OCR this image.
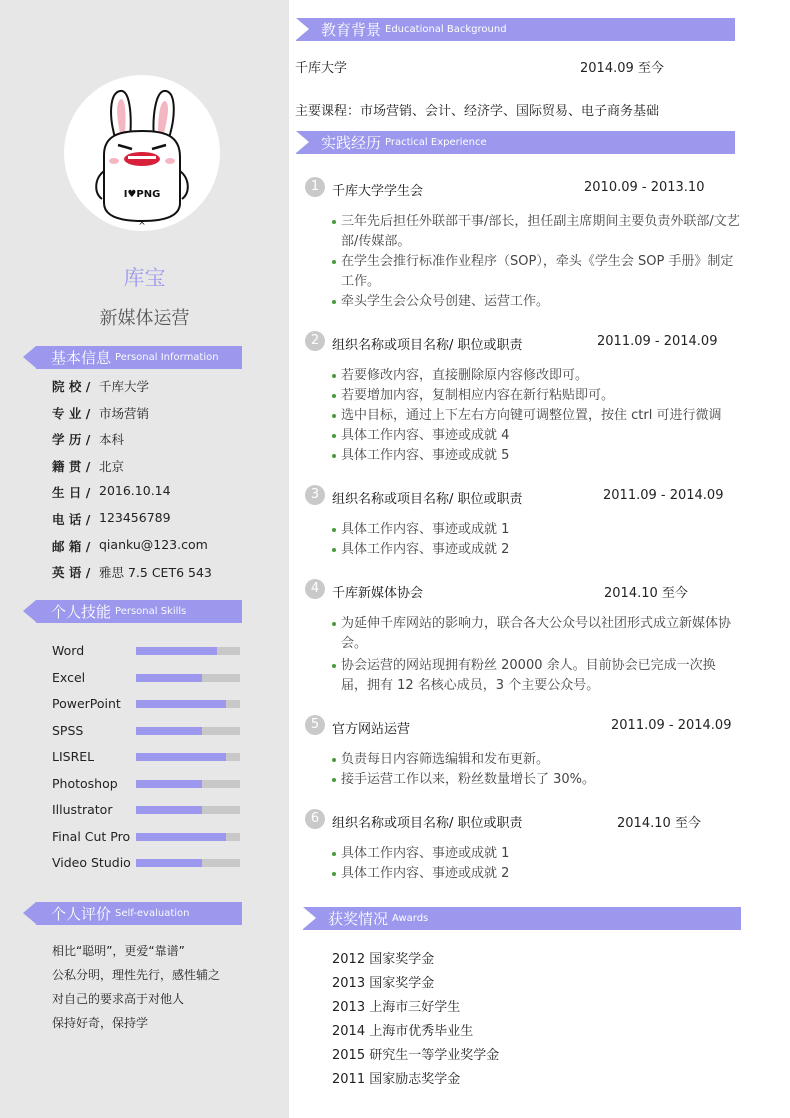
I♥PNG
×
库宝
新媒体运营
基本信息 Personal Information
院 校 / 千库大学
专 业 / 市场营销
学 历 / 本科
籍 贯 / 北京
生 日 / 2016.10.14
电 话 / 123456789
邮 箱 / qianku@123.com
英 语 / 雅思 7.5 CET6 543
个人技能 Personal Skills
Word
Excel
PowerPoint
SPSS
LISREL
Photoshop
Illustrator
Final Cut Pro
Video Studio
个人评价 Self-evaluation
相比“聪明”，更爱“靠谱”
公私分明，理性先行，感性辅之
对自己的要求高于对他人
保持好奇，保持学
教育背景 Educational Background
千库大学	2014.09 至今
主要课程：市场营销、会计、经济学、国际贸易、电子商务基础
实践经历 Practical Experience
1 千库大学学生会	2010.09 - 2013.10
三年先后担任外联部干事/部长，担任副主席期间主要负责外联部/文艺部/传媒部。
在学生会推行标准作业程序（SOP），牵头《学生会 SOP 手册》制定工作。
牵头学生会公众号创建、运营工作。
2 组织名称或项目名称/ 职位或职责	2011.09 - 2014.09
若要修改内容，直接删除原内容修改即可。
若要增加内容，复制相应内容在新行粘贴即可。
选中目标，通过上下左右方向键可调整位置，按住 ctrl 可进行微调
具体工作内容、事迹或成就 4
具体工作内容、事迹或成就 5
3 组织名称或项目名称/ 职位或职责	2011.09 - 2014.09
具体工作内容、事迹或成就 1
具体工作内容、事迹或成就 2
4 千库新媒体协会	2014.10 至今
为延伸千库网站的影响力，联合各大公众号以社团形式成立新媒体协会。
协会运营的网站现拥有粉丝 20000 余人。目前协会已完成一次换届，拥有 12 名核心成员，3 个主要公众号。
5 官方网站运营	2011.09 - 2014.09
负责每日内容筛选编辑和发布更新。
接手运营工作以来，粉丝数量增长了 30%。
6 组织名称或项目名称/ 职位或职责	2014.10 至今
具体工作内容、事迹或成就 1
具体工作内容、事迹或成就 2
获奖情况 Awards
2012 国家奖学金
2013 国家奖学金
2013 上海市三好学生
2014 上海市优秀毕业生
2015 研究生一等学业奖学金
2011 国家励志奖学金
